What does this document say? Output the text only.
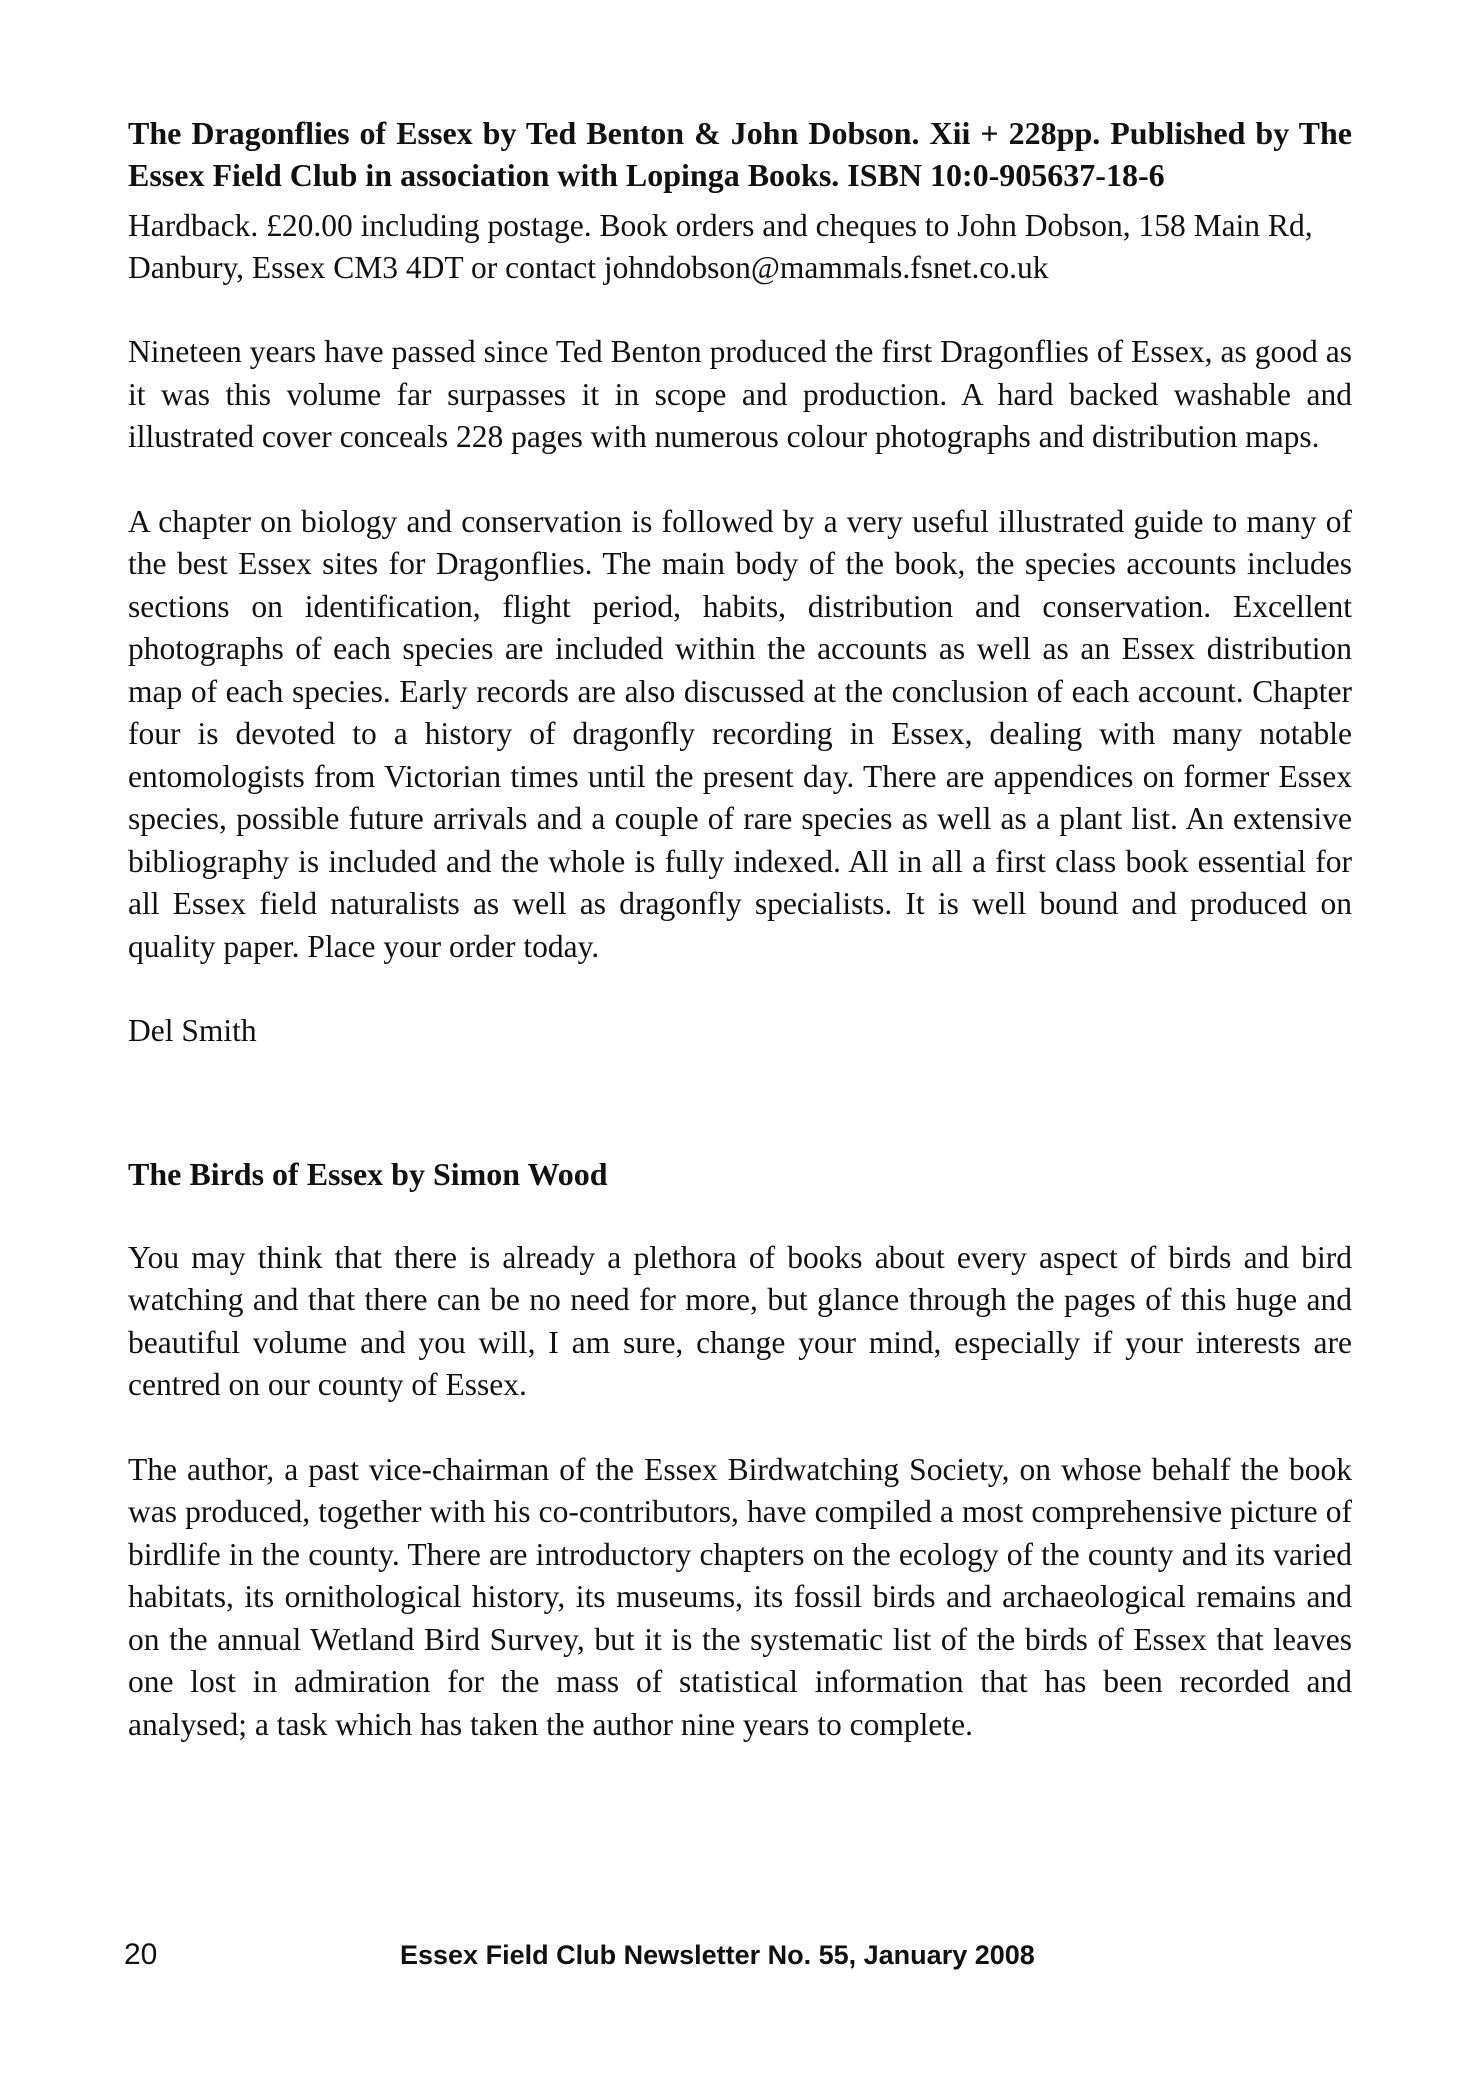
The Dragonflies of Essex by Ted Benton & John Dobson. Xii + 228pp. Published by The Essex Field Club in association with Lopinga Books. ISBN 10:0-905637-18-6

Hardback. £20.00 including postage. Book orders and cheques to John Dobson, 158 Main Rd, Danbury, Essex CM3 4DT or contact johndobson@mammals.fsnet.co.uk

Nineteen years have passed since Ted Benton produced the first Dragonflies of Essex, as good as it was this volume far surpasses it in scope and production. A hard backed washable and illustrated cover conceals 228 pages with numerous colour photographs and distribution maps.

A chapter on biology and conservation is followed by a very useful illustrated guide to many of the best Essex sites for Dragonflies. The main body of the book, the species accounts includes sections on identification, flight period, habits, distribution and conservation. Excellent photographs of each species are included within the accounts as well as an Essex distribution map of each species. Early records are also discussed at the conclusion of each account. Chapter four is devoted to a history of dragonfly recording in Essex, dealing with many notable entomologists from Victorian times until the present day. There are appendices on former Essex species, possible future arrivals and a couple of rare species as well as a plant list. An extensive bibliography is included and the whole is fully indexed. All in all a first class book essential for all Essex field naturalists as well as dragonfly specialists. It is well bound and produced on quality paper. Place your order today.

Del Smith

The Birds of Essex by Simon Wood

You may think that there is already a plethora of books about every aspect of birds and bird watching and that there can be no need for more, but glance through the pages of this huge and beautiful volume and you will, I am sure, change your mind, especially if your interests are centred on our county of Essex.

The author, a past vice-chairman of the Essex Birdwatching Society, on whose behalf the book was produced, together with his co-contributors, have compiled a most comprehensive picture of birdlife in the county. There are introductory chapters on the ecology of the county and its varied habitats, its ornithological history, its museums, its fossil birds and archaeological remains and on the annual Wetland Bird Survey, but it is the systematic list of the birds of Essex that leaves one lost in admiration for the mass of statistical information that has been recorded and analysed; a task which has taken the author nine years to complete.

20	Essex Field Club Newsletter No. 55, January 2008
